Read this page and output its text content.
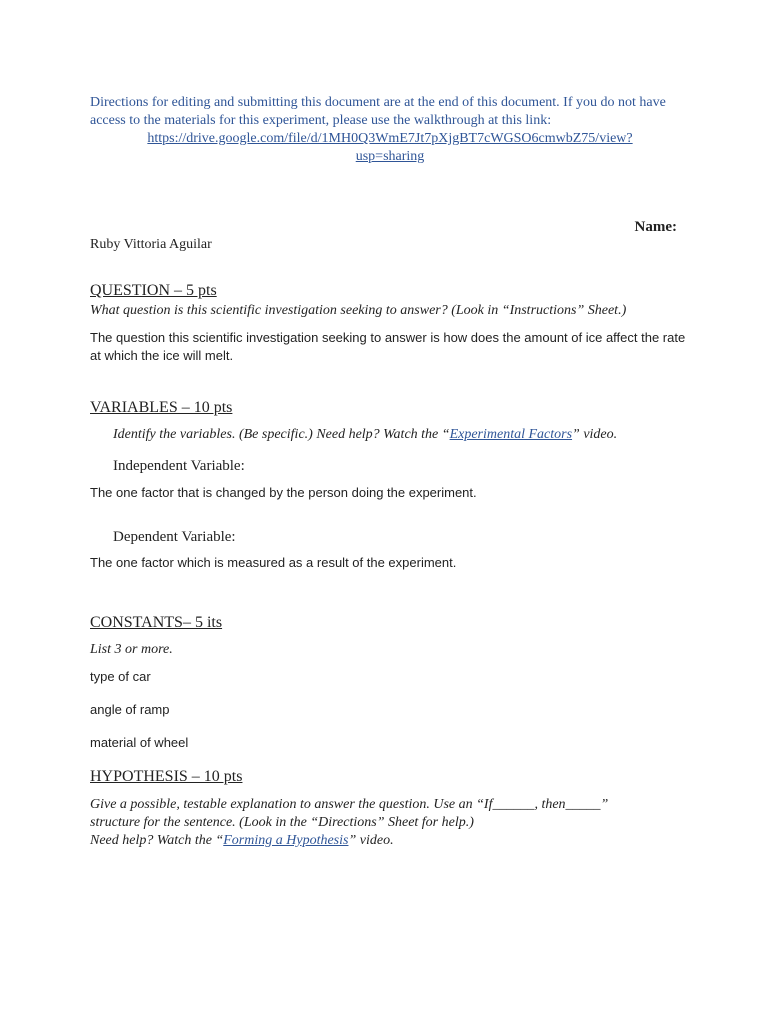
Directions for editing and submitting this document are at the end of this document. If you do not have access to the materials for this experiment, please use the walkthrough at this link:
https://drive.google.com/file/d/1MH0Q3WmE7Jt7pXjgBT7cWGSO6cmwbZ75/view?
usp=sharing
Name:
Ruby Vittoria Aguilar
QUESTION – 5 pts
What question is this scientific investigation seeking to answer? (Look in “Instructions” Sheet.)
The question this scientific investigation seeking to answer is how does the amount of ice affect the rate at which the ice will melt.
VARIABLES – 10 pts
Identify the variables. (Be specific.) Need help? Watch the “Experimental Factors” video.
Independent Variable:
The one factor that is changed by the person doing the experiment.
Dependent Variable:
The one factor which is measured as a result of the experiment.
CONSTANTS– 5 its
List 3 or more.
type of car
angle of ramp
material of wheel
HYPOTHESIS – 10 pts
Give a possible, testable explanation to answer the question. Use an “If______, then_____”
structure for the sentence. (Look in the “Directions” Sheet for help.)
Need help? Watch the “Forming a Hypothesis” video.
